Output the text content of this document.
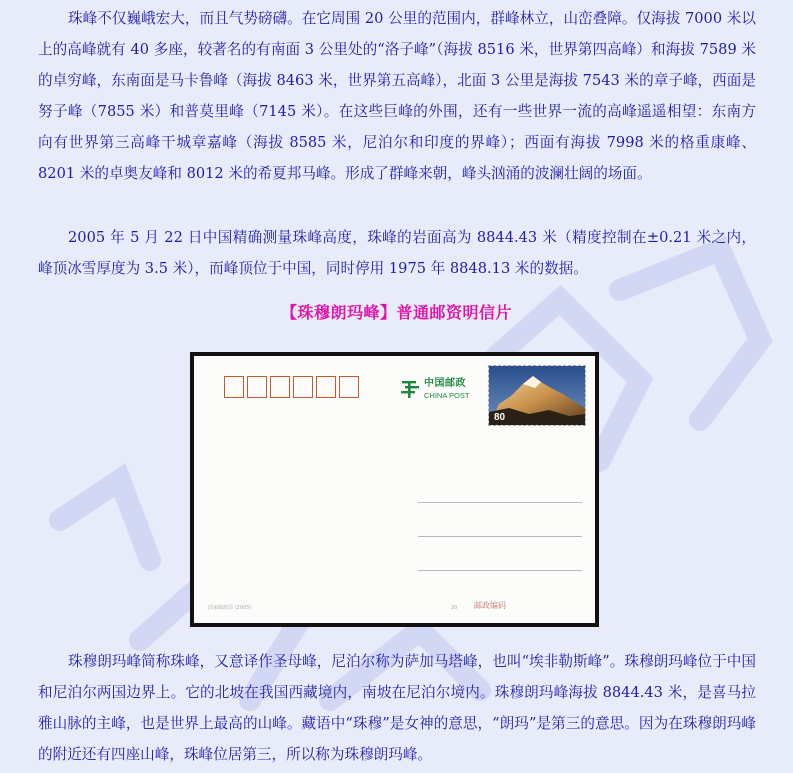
珠峰不仅巍峨宏大，而且气势磅礴。在它周围 20 公里的范围内，群峰林立，山峦叠障。仅海拔 7000 米以上的高峰就有 40 多座，较著名的有南面 3 公里处的“洛子峰”（海拔 8516 米，世界第四高峰）和海拔 7589 米的卓穷峰，东南面是马卡鲁峰（海拔 8463 米，世界第五高峰），北面 3 公里是海拔 7543 米的章子峰，西面是努子峰（7855 米）和普莫里峰（7145 米）。在这些巨峰的外围，还有一些世界一流的高峰遥遥相望：东南方向有世界第三高峰干城章嘉峰（海拔 8585 米，尼泊尔和印度的界峰）；西面有海拔 7998 米的格重康峰、8201 米的卓奥友峰和 8012 米的希夏邦马峰。形成了群峰来朝，峰头汹涌的波澜壮阔的场面。

2005 年 5 月 22 日中国精确测量珠峰高度，珠峰的岩面高为 8844.43 米（精度控制在±0.21 米之内，峰顶冰雪厚度为 3.5 米），而峰顶位于中国，同时停用 1975 年 8848.13 米的数据。

【珠穆朗玛峰】普通邮资明信片
中国邮政
CHINA POST
80 CHINA 中国邮政
国家邮政局 (2005)	20 邮政编码

珠穆朗玛峰简称珠峰，又意译作圣母峰，尼泊尔称为萨加马塔峰，也叫“埃非勒斯峰”。珠穆朗玛峰位于中国和尼泊尔两国边界上。它的北坡在我国西藏境内，南坡在尼泊尔境内。珠穆朗玛峰海拔 8844.43 米，是喜马拉雅山脉的主峰，也是世界上最高的山峰。藏语中“珠穆”是女神的意思，“朗玛”是第三的意思。因为在珠穆朗玛峰的附近还有四座山峰，珠峰位居第三，所以称为珠穆朗玛峰。
